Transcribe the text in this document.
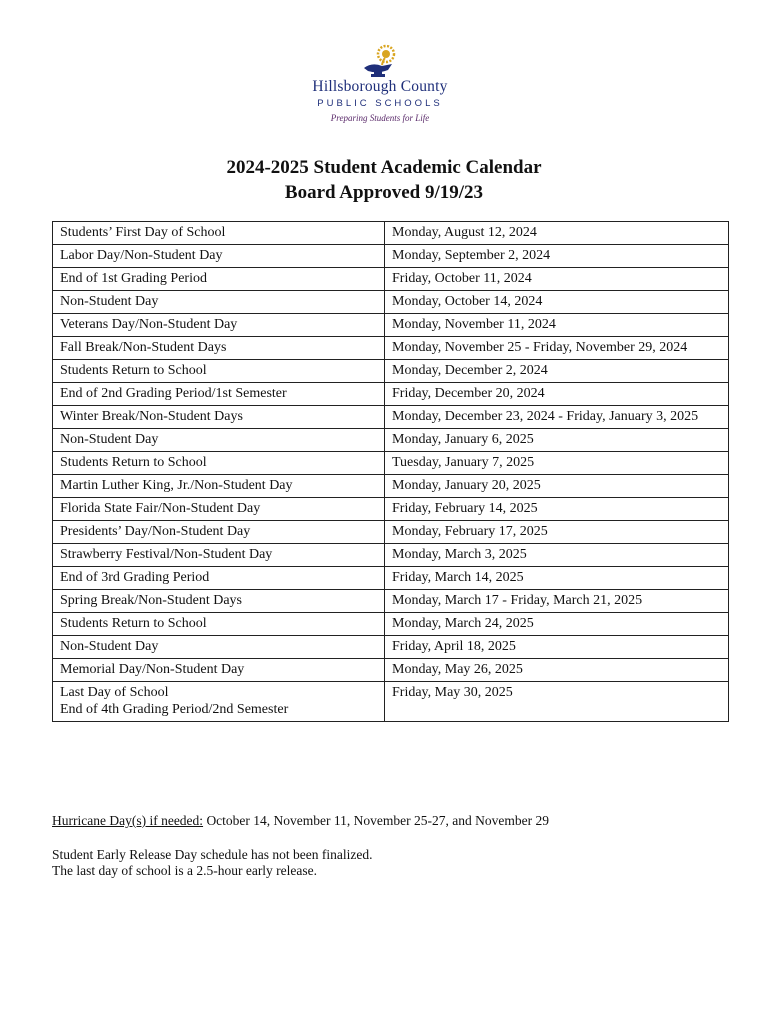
Hillsborough County
PUBLIC SCHOOLS
Preparing Students for Life
2024-2025 Student Academic Calendar
Board Approved 9/19/23
Students’ First Day of School	Monday, August 12, 2024
Labor Day/Non-Student Day	Monday, September 2, 2024
End of 1st Grading Period	Friday, October 11, 2024
Non-Student Day	Monday, October 14, 2024
Veterans Day/Non-Student Day	Monday, November 11, 2024
Fall Break/Non-Student Days	Monday, November 25 - Friday, November 29, 2024
Students Return to School	Monday, December 2, 2024
End of 2nd Grading Period/1st Semester	Friday, December 20, 2024
Winter Break/Non-Student Days	Monday, December 23, 2024 - Friday, January 3, 2025
Non-Student Day	Monday, January 6, 2025
Students Return to School	Tuesday, January 7, 2025
Martin Luther King, Jr./Non-Student Day	Monday, January 20, 2025
Florida State Fair/Non-Student Day	Friday, February 14, 2025
Presidents’ Day/Non-Student Day	Monday, February 17, 2025
Strawberry Festival/Non-Student Day	Monday, March 3, 2025
End of 3rd Grading Period	Friday, March 14, 2025
Spring Break/Non-Student Days	Monday, March 17 - Friday, March 21, 2025
Students Return to School	Monday, March 24, 2025
Non-Student Day	Friday, April 18, 2025
Memorial Day/Non-Student Day	Monday, May 26, 2025

Last Day of School
End of 4th Grading Period/2nd Semester	Friday, May 30, 2025
Hurricane Day(s) if needed: October 14, November 11, November 25-27, and November 29
Student Early Release Day schedule has not been finalized.
The last day of school is a 2.5-hour early release.
